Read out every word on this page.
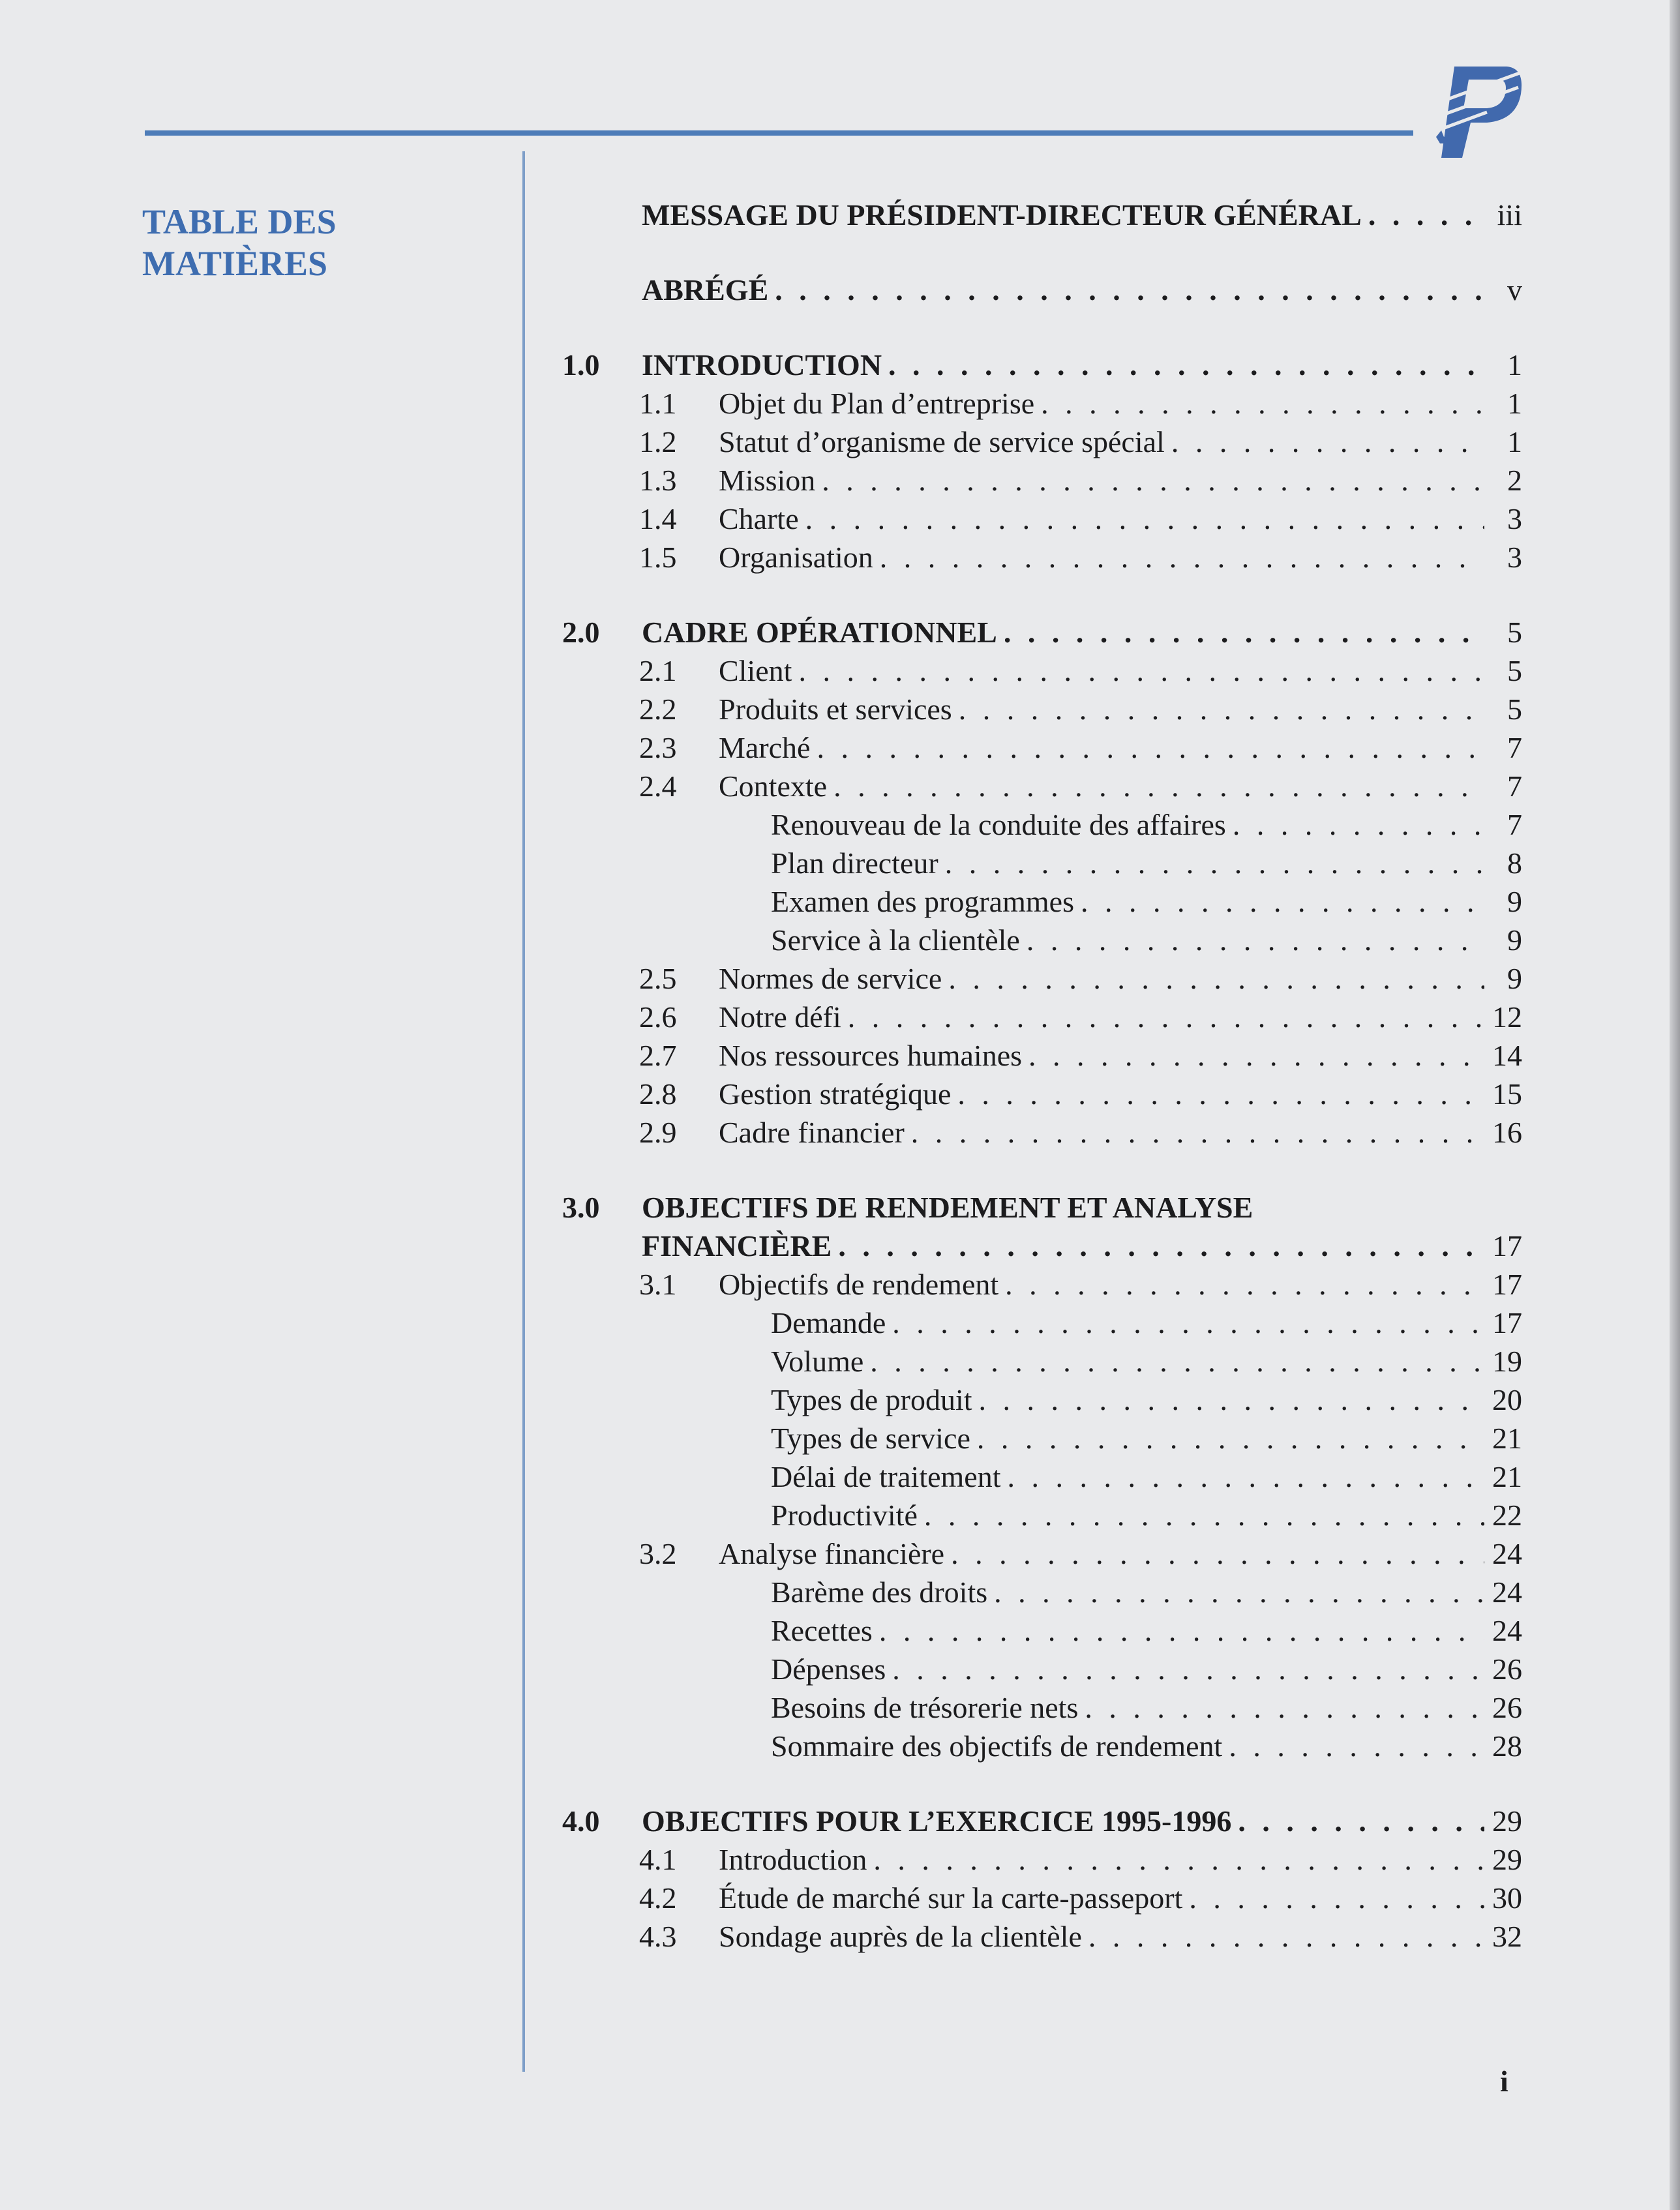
TABLE DES
MATIÈRES
MESSAGE DU PRÉSIDENT-DIRECTEUR GÉNÉRAL . . .	iii
ABRÉGÉ . . .	v
1.0	INTRODUCTION . . .	1
1.1	Objet du Plan d’entreprise . . .	1
1.2	Statut d’organisme de service spécial . . .	1
1.3	Mission . . .	2
1.4	Charte . . .	3
1.5	Organisation . . .	3
2.0	CADRE OPÉRATIONNEL . . .	5
2.1	Client . . .	5
2.2	Produits et services . . .	5
2.3	Marché . . .	7
2.4	Contexte . . .	7
Renouveau de la conduite des affaires . . .	7
Plan directeur . . .	8
Examen des programmes . . .	9
Service à la clientèle . . .	9
2.5	Normes de service . . .	9
2.6	Notre défi . . .	12
2.7	Nos ressources humaines . . .	14
2.8	Gestion stratégique . . .	15
2.9	Cadre financier . . .	16
3.0 OBJECTIFS DE RENDEMENT ET ANALYSE
FINANCIÈRE . . .	17
3.1	Objectifs de rendement . . .	17
Demande . . .	17
Volume . . .	19
Types de produit . . .	20
Types de service . . .	21
Délai de traitement . . .	21
Productivité . . .	22
3.2	Analyse financière . . .	24
Barème des droits . . .	24
Recettes . . .	24
Dépenses . . .	26
Besoins de trésorerie nets . . .	26
Sommaire des objectifs de rendement . . .	28
4.0	OBJECTIFS POUR L’EXERCICE 1995-1996 . . .	29
4.1	Introduction . . .	29
4.2	Étude de marché sur la carte-passeport . . .	30
4.3	Sondage auprès de la clientèle . . .	32
i
